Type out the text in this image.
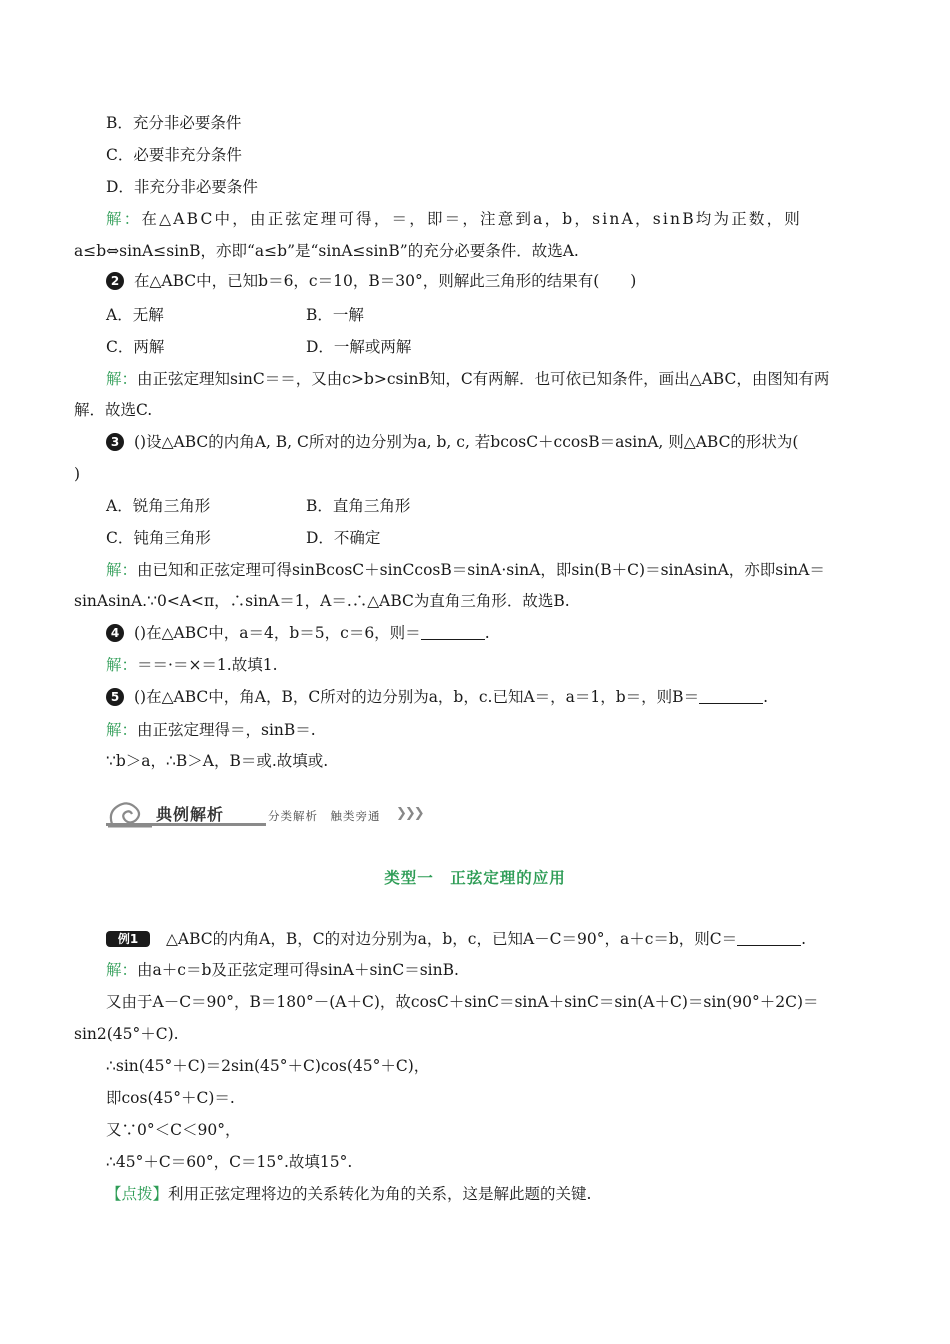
B．充分非必要条件
C．必要非充分条件
D．非充分非必要条件
解：在△ABC中，由正弦定理可得，＝，即＝，注意到a，b，sinA，sinB均为正数，则
a≤b⇔sinA≤sinB，亦即“a≤b”是“sinA≤sinB”的充分必要条件．故选A.
2 在△ABC中，已知b＝6，c＝10，B＝30°，则解此三角形的结果有(　　)
A．无解	B．一解
C．两解	D．一解或两解
解：由正弦定理知sinC＝＝，又由c>b>csinB知，C有两解．也可依已知条件，画出△ABC，由图知有两
解．故选C.
3 ()设△ABC的内角A, B, C所对的边分别为a, b, c, 若bcosC＋ccosB＝asinA, 则△ABC的形状为(
)
A．锐角三角形	B．直角三角形
C．钝角三角形	D．不确定
解：由已知和正弦定理可得sinBcosC＋sinCcosB＝sinA·sinA，即sin(B＋C)＝sinAsinA，亦即sinA＝
sinAsinA.∵0<A<π，∴sinA＝1，A＝.∴△ABC为直角三角形．故选B.
4 ()在△ABC中，a＝4，b＝5，c＝6，则＝	.
解：＝＝·＝×＝1.故填1.
5 ()在△ABC中，角A，B，C所对的边分别为a，b，c.已知A＝，a＝1，b＝，则B＝	.
解：由正弦定理得＝，sinB＝.
∵b＞a，∴B＞A，B＝或.故填或.
典例解析	分类解析　触类旁通 ❯❯❯
类型一　正弦定理的应用
例1 △ABC的内角A，B，C的对边分别为a，b，c，已知A－C＝90°，a＋c＝b，则C＝	.
解：由a＋c＝b及正弦定理可得sinA＋sinC＝sinB.
又由于A－C＝90°，B＝180°－(A＋C)，故cosC＋sinC＝sinA＋sinC＝sin(A＋C)＝sin(90°＋2C)＝
sin2(45°＋C).
∴sin(45°＋C)＝2sin(45°＋C)cos(45°＋C)，
即cos(45°＋C)＝.
又∵0°＜C＜90°，
∴45°＋C＝60°，C＝15°.故填15°.
【点拨】利用正弦定理将边的关系转化为角的关系，这是解此题的关键.
